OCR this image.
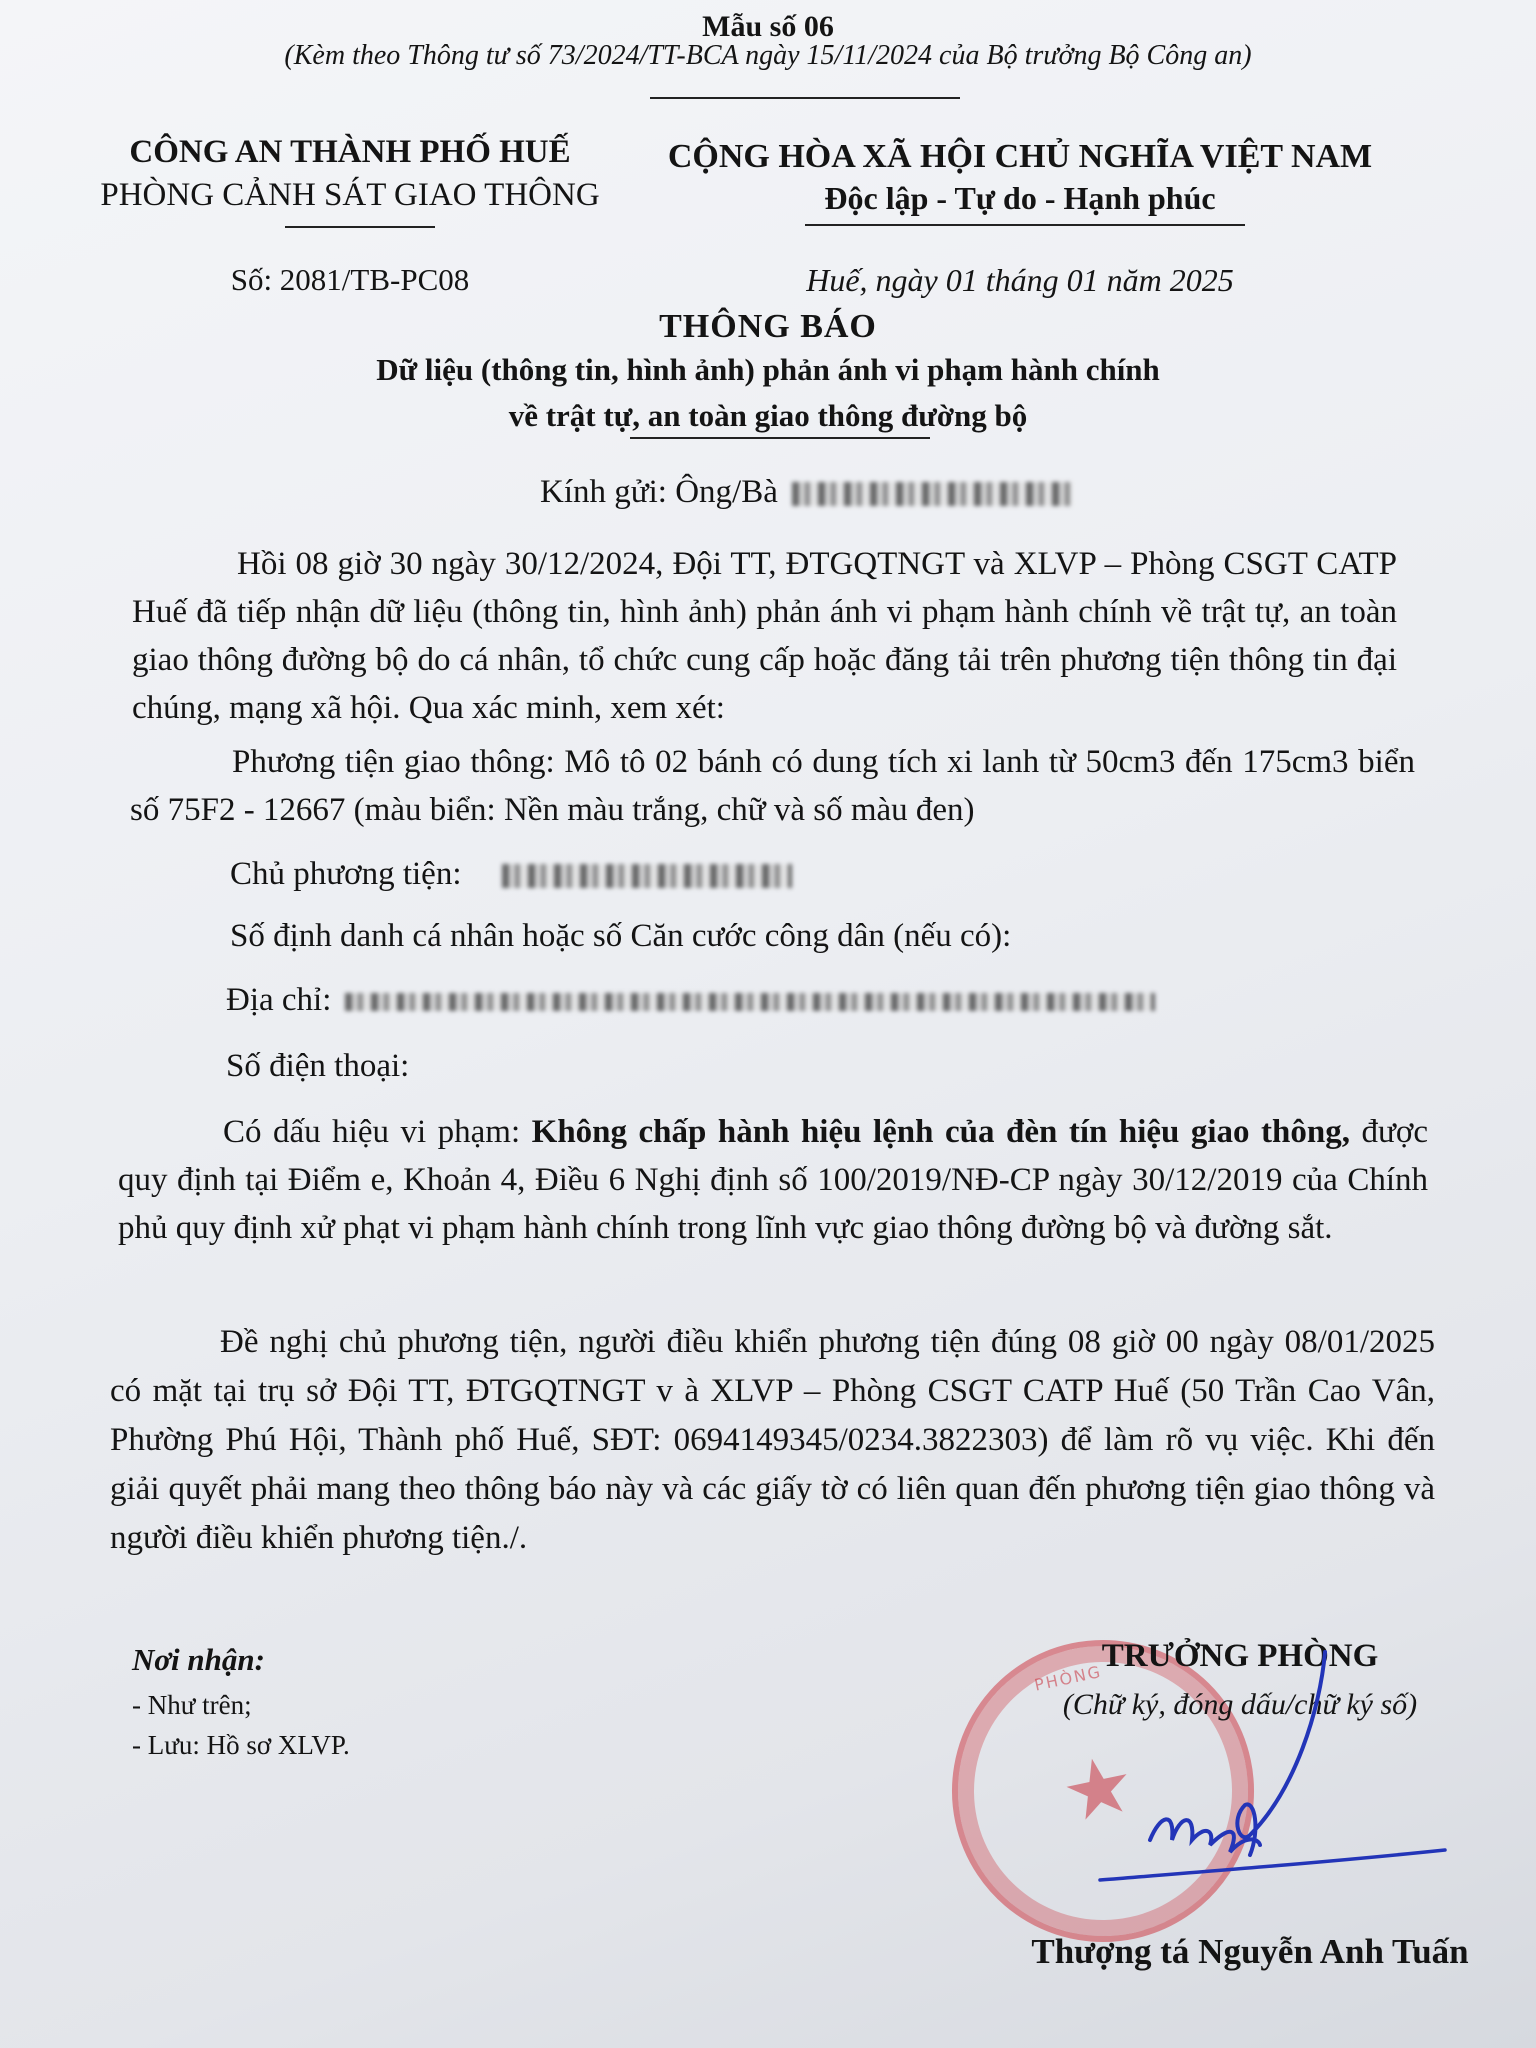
Mẫu số 06
(Kèm theo Thông tư số 73/2024/TT-BCA ngày 15/11/2024 của Bộ trưởng Bộ Công an)
CÔNG AN THÀNH PHỐ HUẾ
PHÒNG CẢNH SÁT GIAO THÔNG
Số: 2081/TB-PC08
CỘNG HÒA XÃ HỘI CHỦ NGHĨA VIỆT NAM
Độc lập - Tự do - Hạnh phúc
Huế, ngày 01 tháng 01 năm 2025
THÔNG BÁO
Dữ liệu (thông tin, hình ảnh) phản ánh vi phạm hành chính
về trật tự, an toàn giao thông đường bộ
Kính gửi: Ông/Bà
Hồi 08 giờ 30 ngày 30/12/2024, Đội TT, ĐTGQTNGT và XLVP – Phòng CSGT CATP Huế đã tiếp nhận dữ liệu (thông tin, hình ảnh) phản ánh vi phạm hành chính về trật tự, an toàn giao thông đường bộ do cá nhân, tổ chức cung cấp hoặc đăng tải trên phương tiện thông tin đại chúng, mạng xã hội. Qua xác minh, xem xét:
Phương tiện giao thông: Mô tô 02 bánh có dung tích xi lanh từ 50cm3 đến 175cm3 biển số 75F2 - 12667 (màu biển: Nền màu trắng, chữ và số màu đen)
Chủ phương tiện:
Số định danh cá nhân hoặc số Căn cước công dân (nếu có):
Địa chỉ:
Số điện thoại:
Có dấu hiệu vi phạm: Không chấp hành hiệu lệnh của đèn tín hiệu giao thông, được quy định tại Điểm e, Khoản 4, Điều 6 Nghị định số 100/2019/NĐ-CP ngày 30/12/2019 của Chính phủ quy định xử phạt vi phạm hành chính trong lĩnh vực giao thông đường bộ và đường sắt.
Đề nghị chủ phương tiện, người điều khiển phương tiện đúng 08 giờ 00 ngày 08/01/2025 có mặt tại trụ sở Đội TT, ĐTGQTNGT v à XLVP – Phòng CSGT CATP Huế (50 Trần Cao Vân, Phường Phú Hội, Thành phố Huế, SĐT: 0694149345/0234.3822303) để làm rõ vụ việc. Khi đến giải quyết phải mang theo thông báo này và các giấy tờ có liên quan đến phương tiện giao thông và người điều khiển phương tiện./.
Nơi nhận:
- Như trên;
- Lưu: Hồ sơ XLVP.
PHÒNG
★
TRƯỞNG PHÒNG
(Chữ ký, đóng dấu/chữ ký số)
Thượng tá Nguyễn Anh Tuấn
